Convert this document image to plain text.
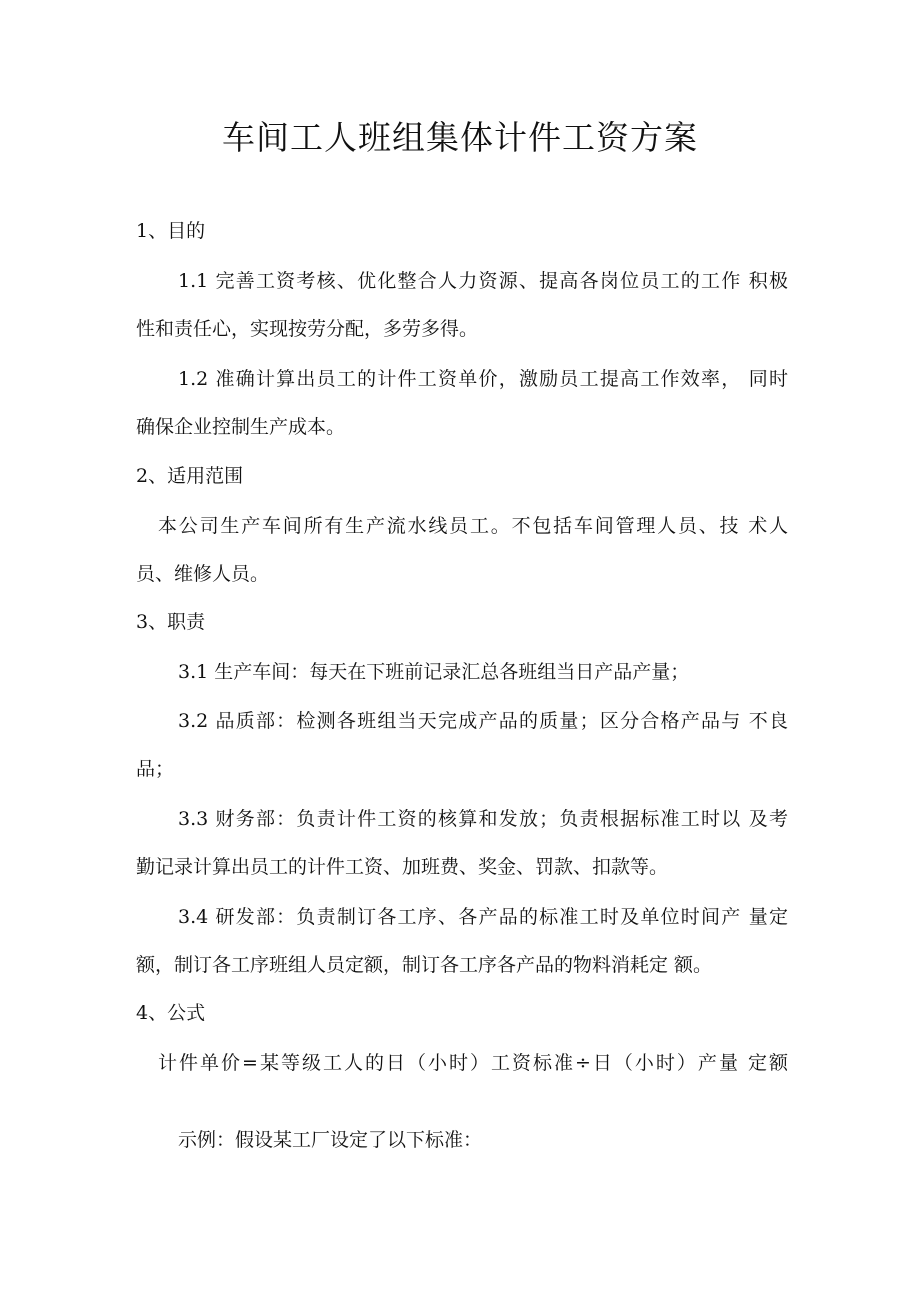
车间工人班组集体计件工资方案

1、目的

1.1 完善工资考核、优化整合人力资源、提高各岗位员工的工作 积极

性和责任心，实现按劳分配，多劳多得。

1.2 准确计算出员工的计件工资单价，激励员工提高工作效率， 同时

确保企业控制生产成本。

2、适用范围

本公司生产车间所有生产流水线员工。不包括车间管理人员、技 术人

员、维修人员。

3、职责

3.1 生产车间：每天在下班前记录汇总各班组当日产品产量；

3.2 品质部：检测各班组当天完成产品的质量；区分合格产品与 不良

品；

3.3 财务部：负责计件工资的核算和发放；负责根据标准工时以 及考

勤记录计算出员工的计件工资、加班费、奖金、罚款、扣款等。

3.4 研发部：负责制订各工序、各产品的标准工时及单位时间产 量定

额，制订各工序班组人员定额，制订各工序各产品的物料消耗定 额。

4、公式

计件单价=某等级工人的日（小时）工资标准÷日（小时）产量 定额

示例：假设某工厂设定了以下标准：
